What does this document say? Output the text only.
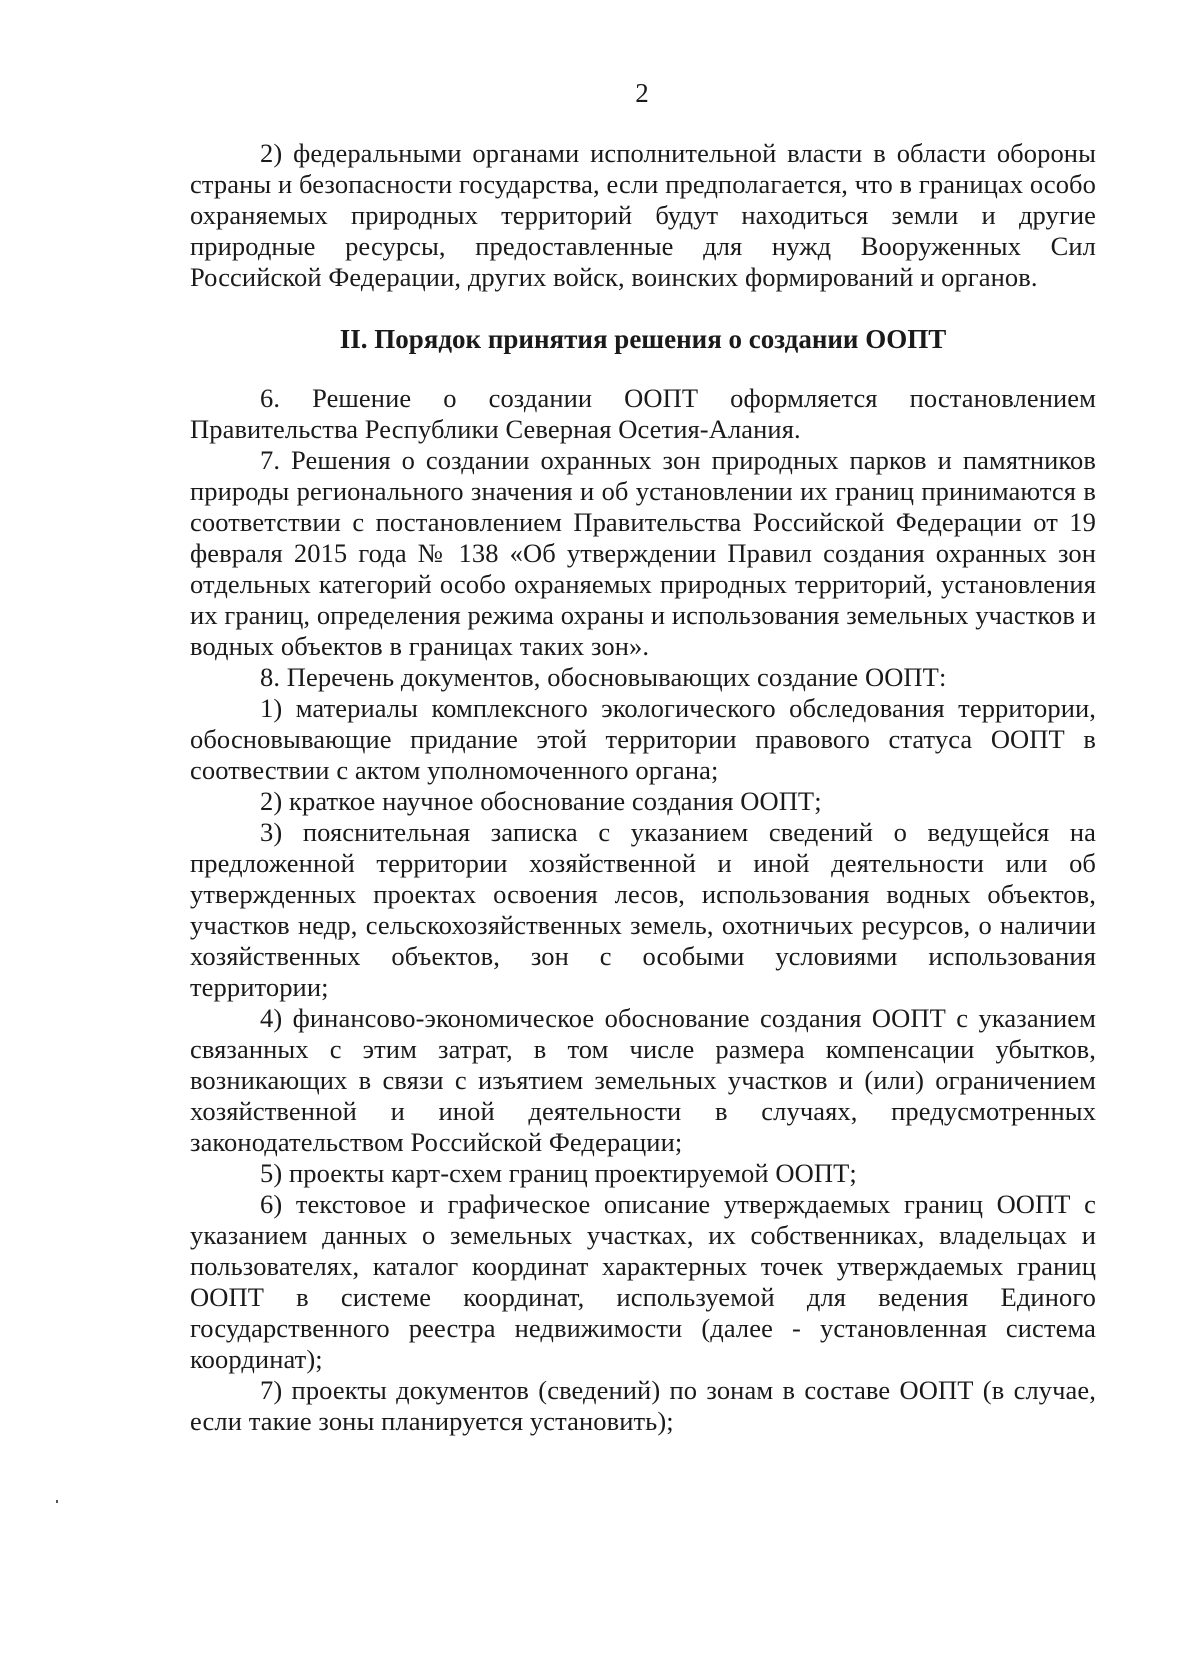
2

2) федеральными органами исполнительной власти в области обороны страны и безопасности государства, если предполагается, что в границах особо охраняемых природных территорий будут находиться земли и другие природные ресурсы, предоставленные для нужд Вооруженных Сил Российской Федерации, других войск, воинских формирований и органов.

II. Порядок принятия решения о создании ООПТ

6. Решение о создании ООПТ оформляется постановлением Правительства Республики Северная Осетия-Алания.

7. Решения о создании охранных зон природных парков и памятников природы регионального значения и об установлении их границ принимаются в соответствии с постановлением Правительства Российской Федерации от 19 февраля 2015 года № 138 «Об утверждении Правил создания охранных зон отдельных категорий особо охраняемых природных территорий, установления их границ, определения режима охраны и использования земельных участков и водных объектов в границах таких зон».

8. Перечень документов, обосновывающих создание ООПТ:

1) материалы комплексного экологического обследования территории, обосновывающие придание этой территории правового статуса ООПТ в соотвествии с актом уполномоченного органа;

2) краткое научное обоснование создания ООПТ;

3) пояснительная записка с указанием сведений о ведущейся на предложенной территории хозяйственной и иной деятельности или об утвержденных проектах освоения лесов, использования водных объектов, участков недр, сельскохозяйственных земель, охотничьих ресурсов, о наличии хозяйственных объектов, зон с особыми условиями использования территории;

4) финансово-экономическое обоснование создания ООПТ с указанием связанных с этим затрат, в том числе размера компенсации убытков, возникающих в связи с изъятием земельных участков и (или) ограничением хозяйственной и иной деятельности в случаях, предусмотренных законодательством Российской Федерации;

5) проекты карт-схем границ проектируемой ООПТ;

6) текстовое и графическое описание утверждаемых границ ООПТ с указанием данных о земельных участках, их собственниках, владельцах и пользователях, каталог координат характерных точек утверждаемых границ ООПТ в системе координат, используемой для ведения Единого государственного реестра недвижимости (далее - установленная система координат);

7) проекты документов (сведений) по зонам в составе ООПТ (в случае, если такие зоны планируется установить);
